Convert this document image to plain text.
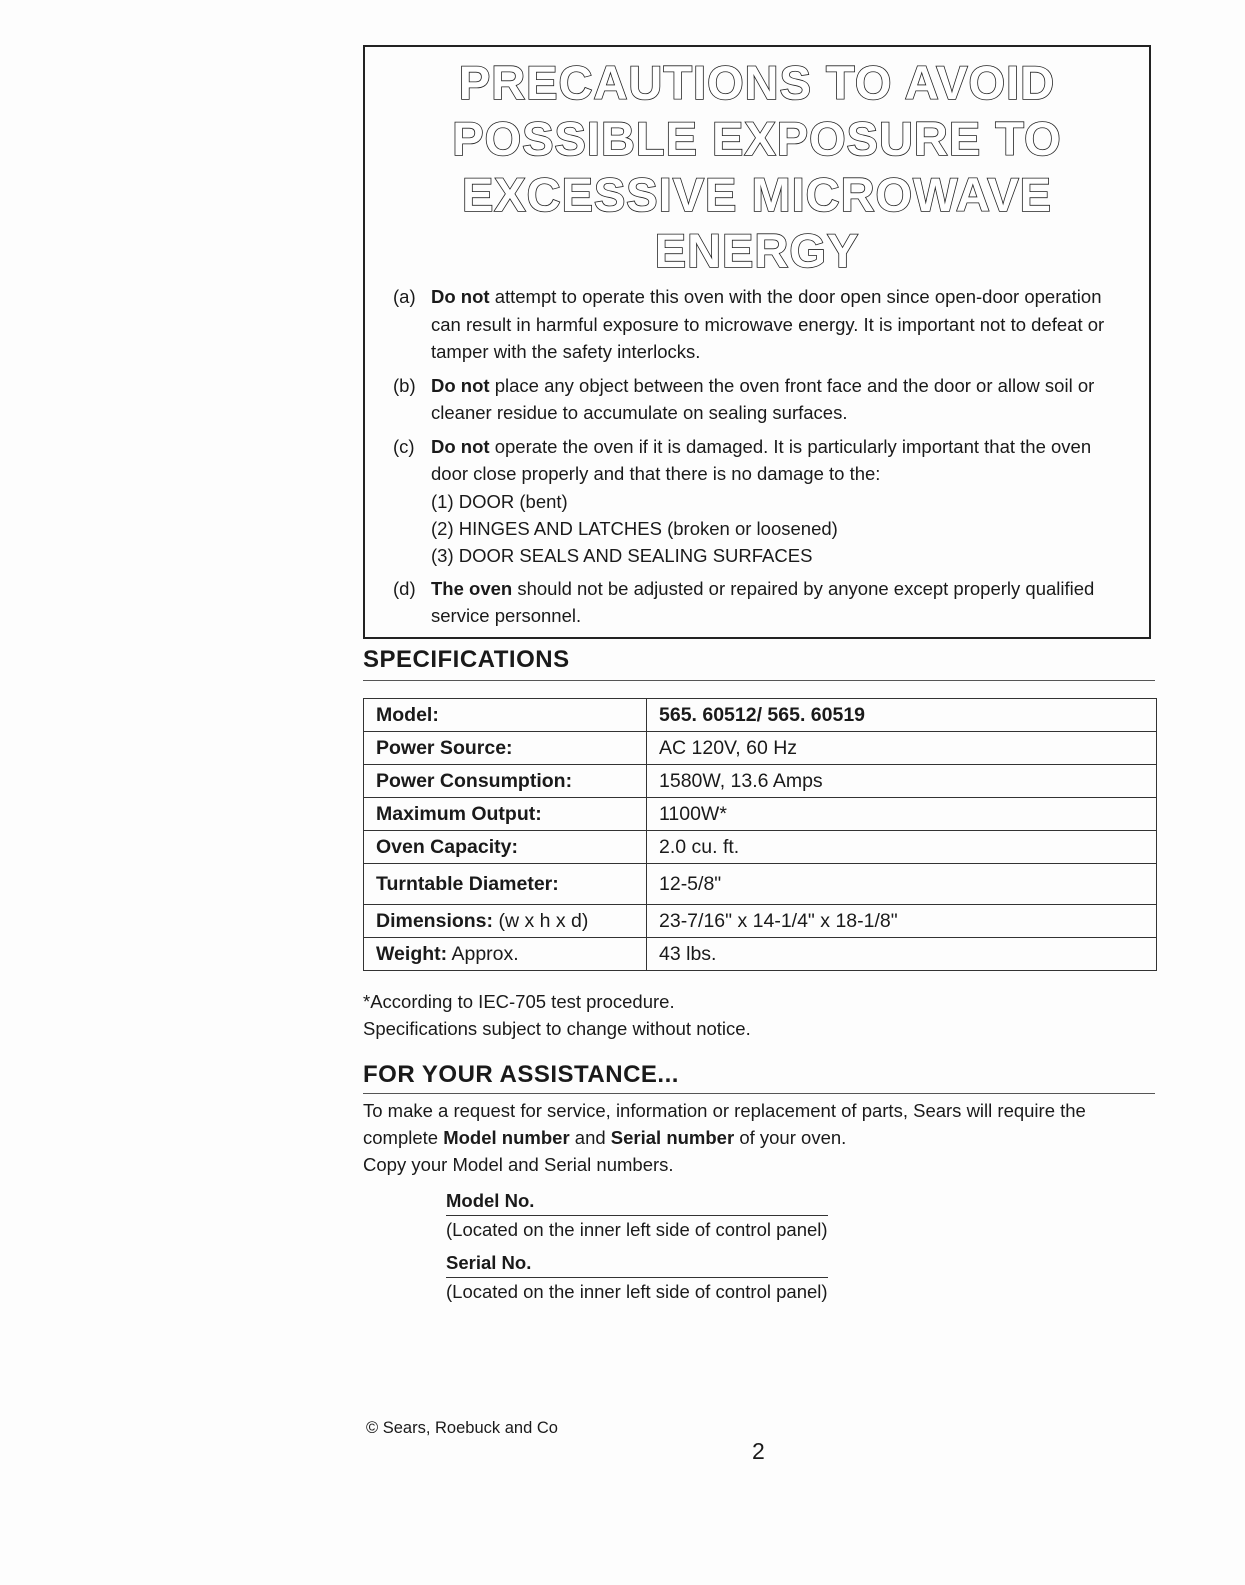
PRECAUTIONS TO AVOID
POSSIBLE EXPOSURE TO
EXCESSIVE MICROWAVE
ENERGY
(a) Do not attempt to operate this oven with the door open since open-door operation can result in harmful exposure to microwave energy. It is important not to defeat or tamper with the safety interlocks.
(b) Do not place any object between the oven front face and the door or allow soil or cleaner residue to accumulate on sealing surfaces.
(c) Do not operate the oven if it is damaged. It is particularly important that the oven door close properly and that there is no damage to the:
(1) DOOR (bent)
(2) HINGES AND LATCHES (broken or loosened)
(3) DOOR SEALS AND SEALING SURFACES
(d) The oven should not be adjusted or repaired by anyone except properly qualified service personnel.
SPECIFICATIONS
Model:	565. 60512/ 565. 60519
Power Source:	AC 120V, 60 Hz
Power Consumption:	1580W, 13.6 Amps
Maximum Output:	1100W*
Oven Capacity:	2.0 cu. ft.
Turntable Diameter:	12-5/8"
Dimensions: (w x h x d)	23-7/16" x 14-1/4" x 18-1/8"
Weight: Approx.	43 lbs.
*According to IEC-705 test procedure.
Specifications subject to change without notice.
FOR YOUR ASSISTANCE...
To make a request for service, information or replacement of parts, Sears will require the complete Model number and Serial number of your oven.
Copy your Model and Serial numbers.
Model No.
(Located on the inner left side of control panel)
Serial No.
(Located on the inner left side of control panel)
© Sears, Roebuck and Co
2
